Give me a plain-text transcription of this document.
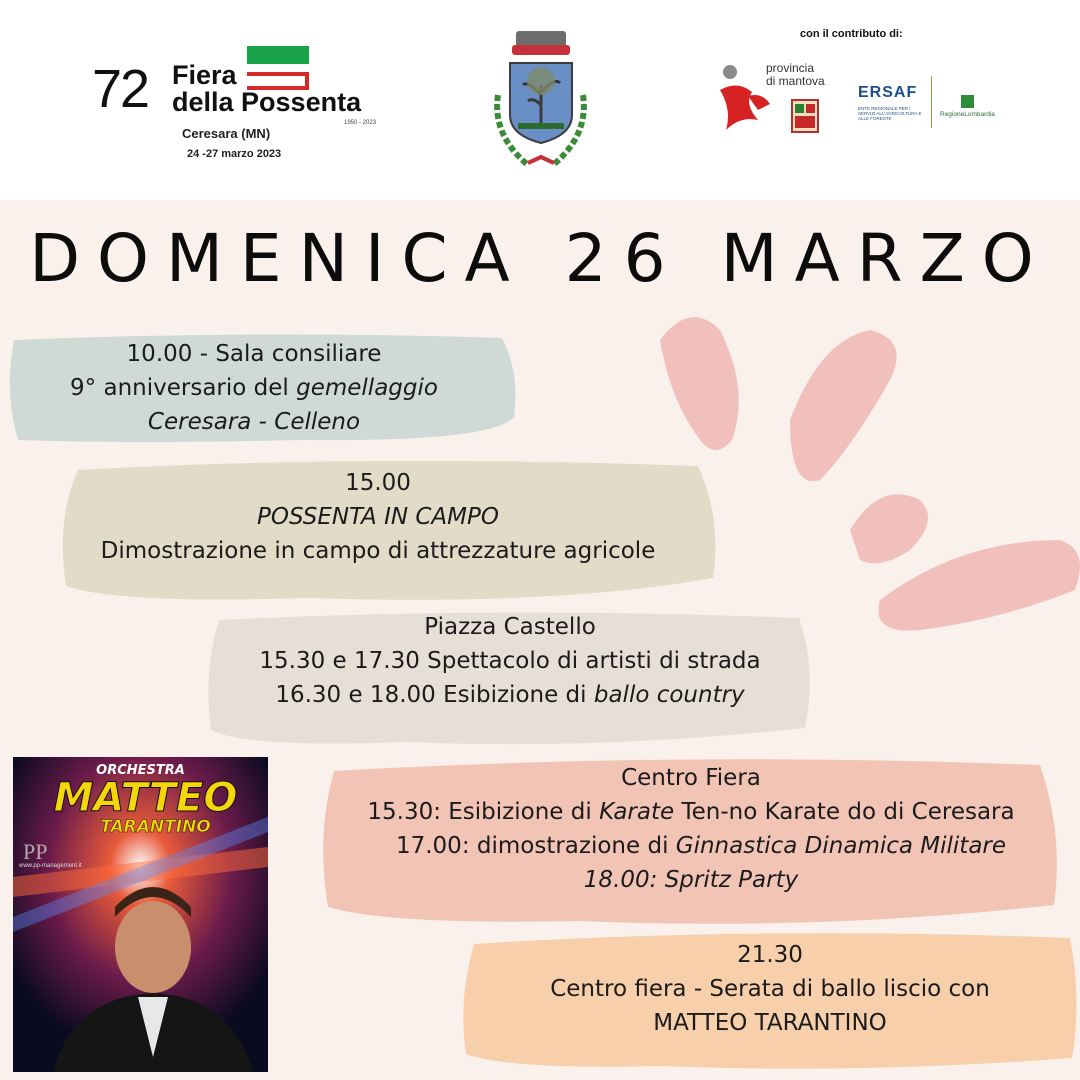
72 Fiera
della Possenta
1950 - 2023
Ceresara (MN)
24 -27 marzo 2023
con il contributo di:
provincia
di mantova
ERSAF
ENTE REGIONALE PER I SERVIZI ALL'AGRICOLTURA E ALLE FORESTE
RegioneLombardia
DOMENICA 26 MARZO
10.00 - Sala consiliare
9° anniversario del gemellaggio
Ceresara - Celleno
15.00
POSSENTA IN CAMPO
Dimostrazione in campo di attrezzature agricole
Piazza Castello
15.30 e 17.30 Spettacolo di artisti di strada
16.30 e 18.00 Esibizione di ballo country
ORCHESTRA
MATTEO
TARANTINO
PP
www.pp-management.it
Centro Fiera
15.30: Esibizione di Karate Ten-no Karate do di Ceresara
17.00: dimostrazione di Ginnastica Dinamica Militare
18.00: Spritz Party
21.30
Centro fiera - Serata di ballo liscio con
MATTEO TARANTINO
